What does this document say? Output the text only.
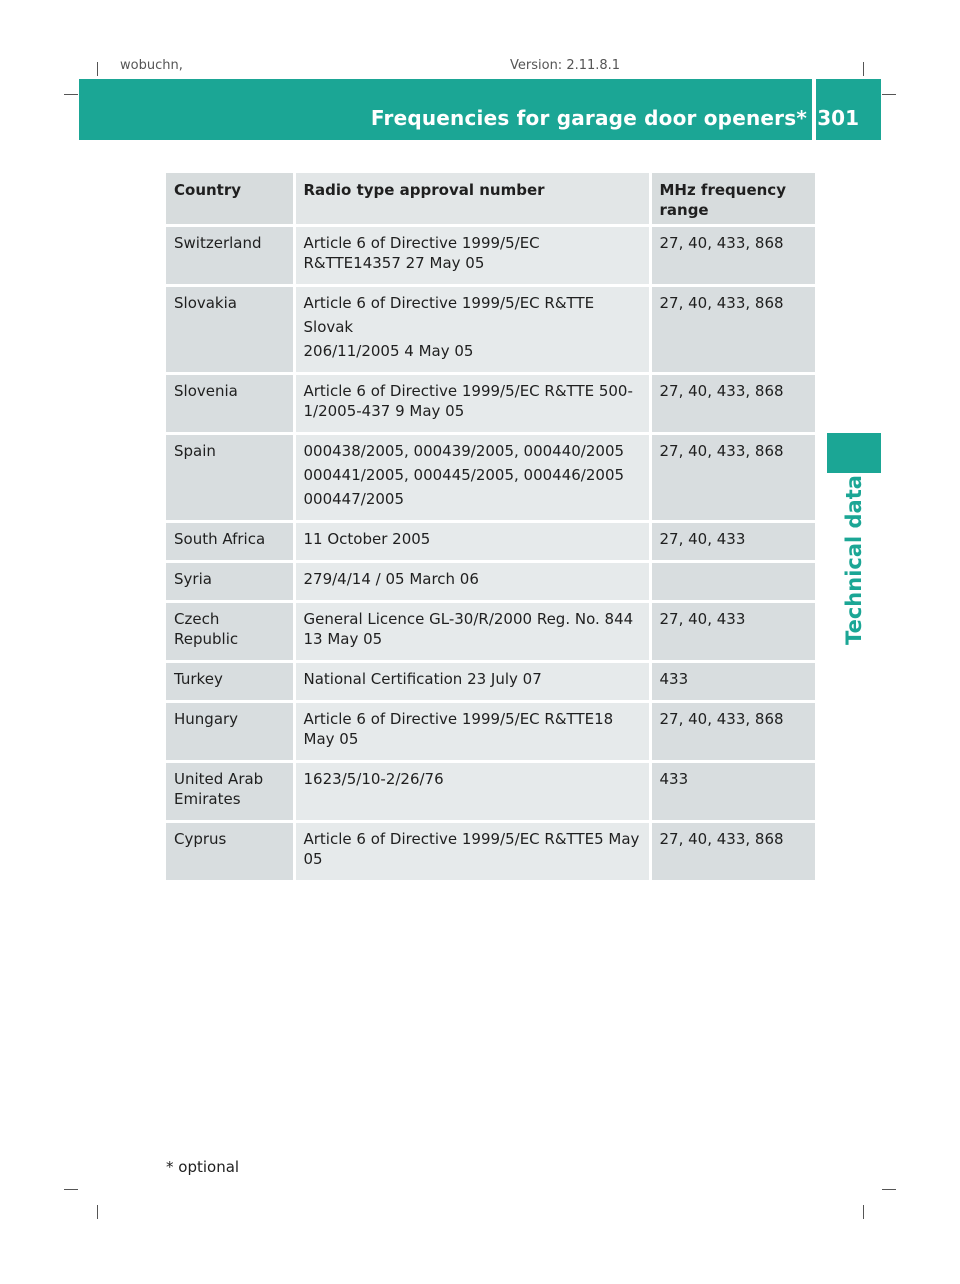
wobuchn,	Version: 2.11.8.1
Frequencies for garage door openers* 301
Technical data
Country	Radio type approval number	MHz frequency range
Switzerland	Article 6 of Directive 1999/5/EC R&TTE14357 27 May 05	27, 40, 433, 868
Slovakia	Article 6 of Directive 1999/5/EC R&TTE
Slovak
206/11/2005 4 May 05	27, 40, 433, 868
Slovenia	Article 6 of Directive 1999/5/EC R&TTE 500-1/2005-437 9 May 05	27, 40, 433, 868
Spain	000438/2005, 000439/2005, 000440/2005
000441/2005, 000445/2005, 000446/2005
000447/2005	27, 40, 433, 868
South Africa	11 October 2005	27, 40, 433
Syria	279/4/14 / 05 March 06	

Czech Republic	General Licence GL-30/R/2000 Reg. No. 844 13 May 05	27, 40, 433
Turkey	National Certification 23 July 07	433
Hungary	Article 6 of Directive 1999/5/EC R&TTE18 May 05	27, 40, 433, 868
United Arab Emirates	1623/5/10-2/26/76	433
Cyprus	Article 6 of Directive 1999/5/EC R&TTE5 May 05	27, 40, 433, 868
* optional
